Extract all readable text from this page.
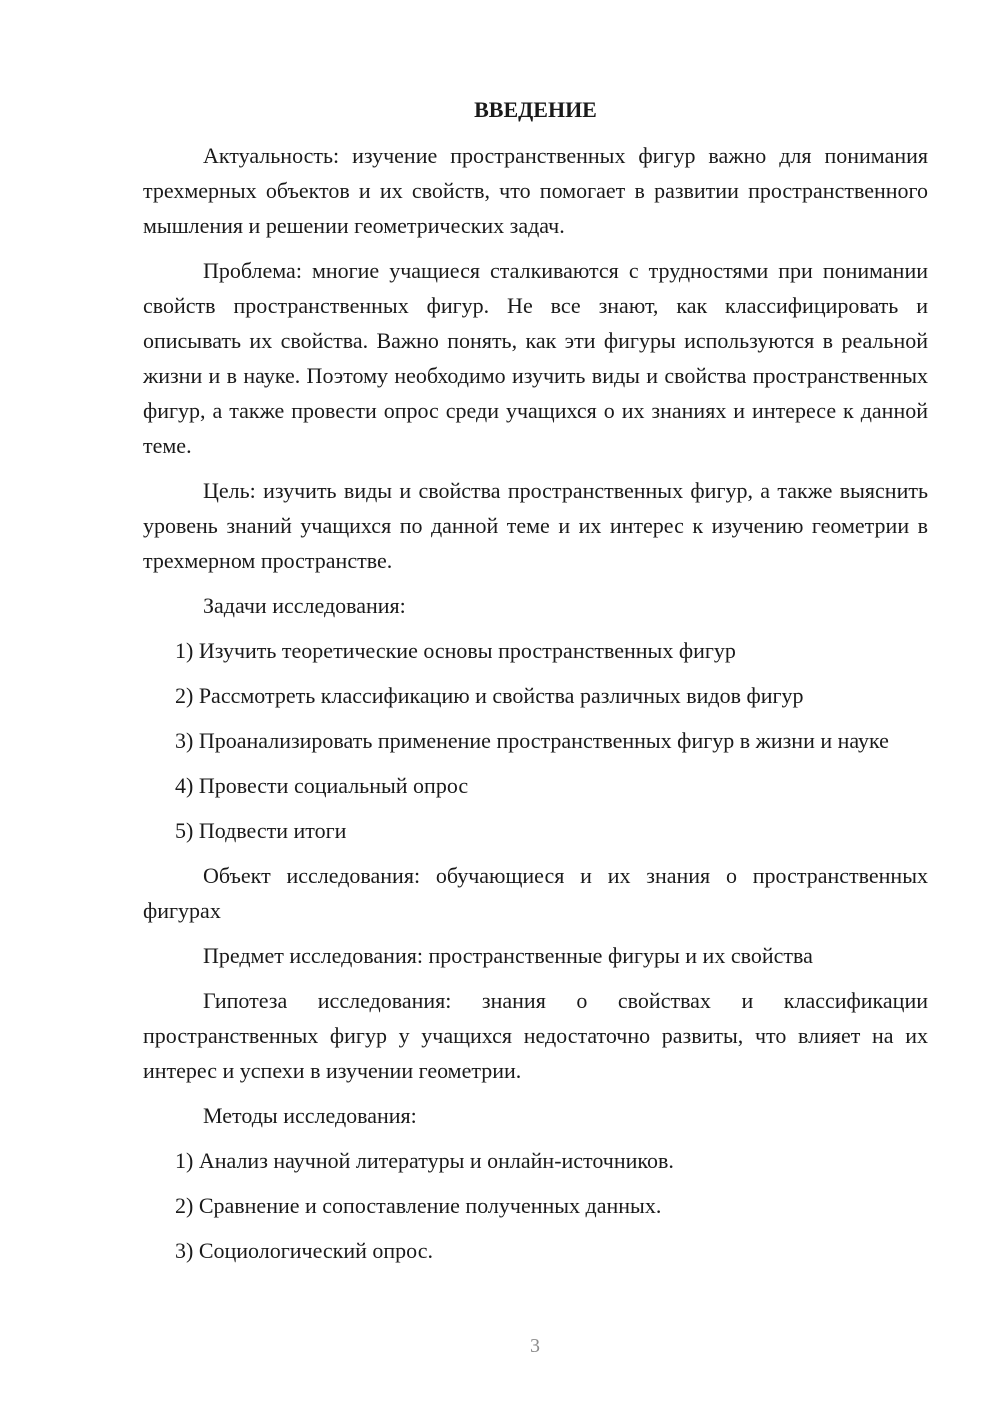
ВВЕДЕНИЕ

Актуальность: изучение пространственных фигур важно для понимания трехмерных объектов и их свойств, что помогает в развитии пространственного мышления и решении геометрических задач.

Проблема: многие учащиеся сталкиваются с трудностями при понимании свойств пространственных фигур. Не все знают, как классифицировать и описывать их свойства. Важно понять, как эти фигуры используются в реальной жизни и в науке. Поэтому необходимо изучить виды и свойства пространственных фигур, а также провести опрос среди учащихся о их знаниях и интересе к данной теме.

Цель: изучить виды и свойства пространственных фигур, а также выяснить уровень знаний учащихся по данной теме и их интерес к изучению геометрии в трехмерном пространстве.

Задачи исследования:

1) Изучить теоретические основы пространственных фигур

2) Рассмотреть классификацию и свойства различных видов фигур

3) Проанализировать применение пространственных фигур в жизни и науке

4) Провести социальный опрос

5) Подвести итоги

Объект исследования: обучающиеся и их знания о пространственных фигурах

Предмет исследования: пространственные фигуры и их свойства

Гипотеза исследования: знания о свойствах и классификации пространственных фигур у учащихся недостаточно развиты, что влияет на их интерес и успехи в изучении геометрии.

Методы исследования:

1) Анализ научной литературы и онлайн-источников.

2) Сравнение и сопоставление полученных данных.

3) Социологический опрос.

3
